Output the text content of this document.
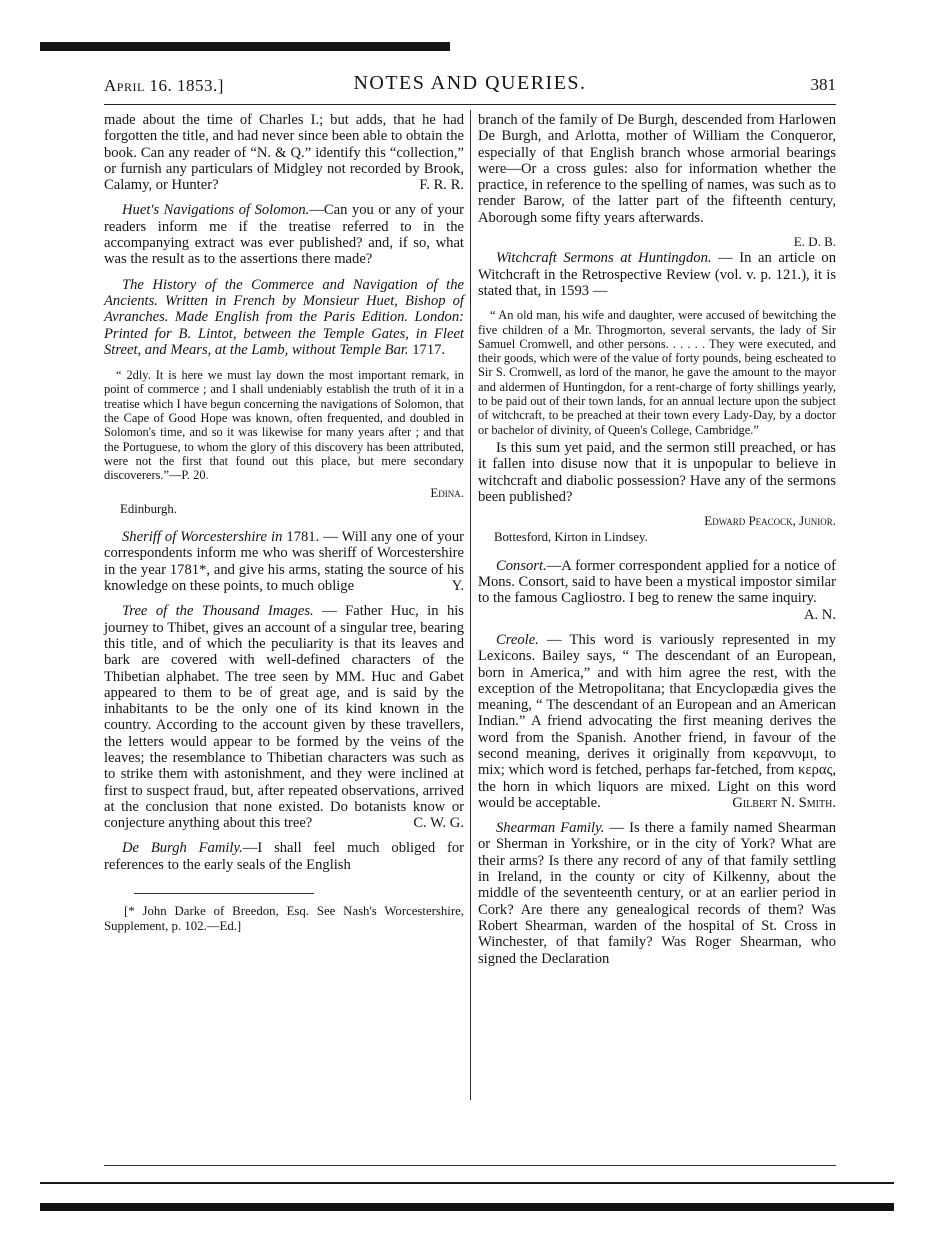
April 16. 1853.]	NOTES AND QUERIES.	381

made about the time of Charles I.; but adds, that he had forgotten the title, and had never since been able to obtain the book. Can any reader of “N. & Q.” identify this “collection,” or furnish any particulars of Midgley not recorded by Brook, Calamy, or Hunter?	F. R. R.

Huet's Navigations of Solomon.—Can you or any of your readers inform me if the treatise referred to in the accompanying extract was ever published? and, if so, what was the result as to the assertions there made?

The History of the Commerce and Navigation of the Ancients. Written in French by Monsieur Huet, Bishop of Avranches. Made English from the Paris Edition. London: Printed for B. Lintot, between the Temple Gates, in Fleet Street, and Mears, at the Lamb, without Temple Bar. 1717.

“ 2dly. It is here we must lay down the most important remark, in point of commerce ; and I shall undeniably establish the truth of it in a treatise which I have begun concerning the navigations of Solomon, that the Cape of Good Hope was known, often frequented, and doubled in Solomon's time, and so it was likewise for many years after ; and that the Portuguese, to whom the glory of this discovery has been attributed, were not the first that found out this place, but mere secondary discoverers.”—P. 20.

Edina.

Edinburgh.

Sheriff of Worcestershire in 1781. — Will any one of your correspondents inform me who was sheriff of Worcestershire in the year 1781*, and give his arms, stating the source of his knowledge on these points, to much oblige	Y.

Tree of the Thousand Images. — Father Huc, in his journey to Thibet, gives an account of a singular tree, bearing this title, and of which the peculiarity is that its leaves and bark are covered with well-defined characters of the Thibetian alphabet. The tree seen by MM. Huc and Gabet appeared to them to be of great age, and is said by the inhabitants to be the only one of its kind known in the country. According to the account given by these travellers, the letters would appear to be formed by the veins of the leaves; the resemblance to Thibetian characters was such as to strike them with astonishment, and they were inclined at first to suspect fraud, but, after repeated observations, arrived at the conclusion that none existed. Do botanists know or conjecture anything about this tree?	C. W. G.

De Burgh Family.—I shall feel much obliged for references to the early seals of the English

[* John Darke of Breedon, Esq. See Nash's Worcestershire, Supplement, p. 102.—Ed.]

branch of the family of De Burgh, descended from Harlowen De Burgh, and Arlotta, mother of William the Conqueror, especially of that English branch whose armorial bearings were—Or a cross gules: also for information whether the practice, in reference to the spelling of names, was such as to render Barow, of the latter part of the fifteenth century, Aborough some fifty years afterwards.

E. D. B.

Witchcraft Sermons at Huntingdon. — In an article on Witchcraft in the Retrospective Review (vol. v. p. 121.), it is stated that, in 1593 —

“ An old man, his wife and daughter, were accused of bewitching the five children of a Mr. Throgmorton, several servants, the lady of Sir Samuel Cromwell, and other persons. . . . . . They were executed, and their goods, which were of the value of forty pounds, being escheated to Sir S. Cromwell, as lord of the manor, he gave the amount to the mayor and aldermen of Huntingdon, for a rent-charge of forty shillings yearly, to be paid out of their town lands, for an annual lecture upon the subject of witchcraft, to be preached at their town every Lady-Day, by a doctor or bachelor of divinity, of Queen's College, Cambridge.”

Is this sum yet paid, and the sermon still preached, or has it fallen into disuse now that it is unpopular to believe in witchcraft and diabolic possession? Have any of the sermons been published?

Edward Peacock, Junior.

Bottesford, Kirton in Lindsey.

Consort.—A former correspondent applied for a notice of Mons. Consort, said to have been a mystical impostor similar to the famous Cagliostro. I beg to renew the same inquiry.
A. N.

Creole. — This word is variously represented in my Lexicons. Bailey says, “ The descendant of an European, born in America,” and with him agree the rest, with the exception of the Metropolitana; that Encyclopædia gives the meaning, “ The descendant of an European and an American Indian.” A friend advocating the first meaning derives the word from the Spanish. Another friend, in favour of the second meaning, derives it originally from κεραννυμι, to mix; which word is fetched, perhaps far-fetched, from κερας, the horn in which liquors are mixed. Light on this word would be acceptable.	Gilbert N. Smith.

Shearman Family. — Is there a family named Shearman or Sherman in Yorkshire, or in the city of York? What are their arms? Is there any record of any of that family settling in Ireland, in the county or city of Kilkenny, about the middle of the seventeenth century, or at an earlier period in Cork? Are there any genealogical records of them? Was Robert Shearman, warden of the hospital of St. Cross in Winchester, of that family? Was Roger Shearman, who signed the Declaration
